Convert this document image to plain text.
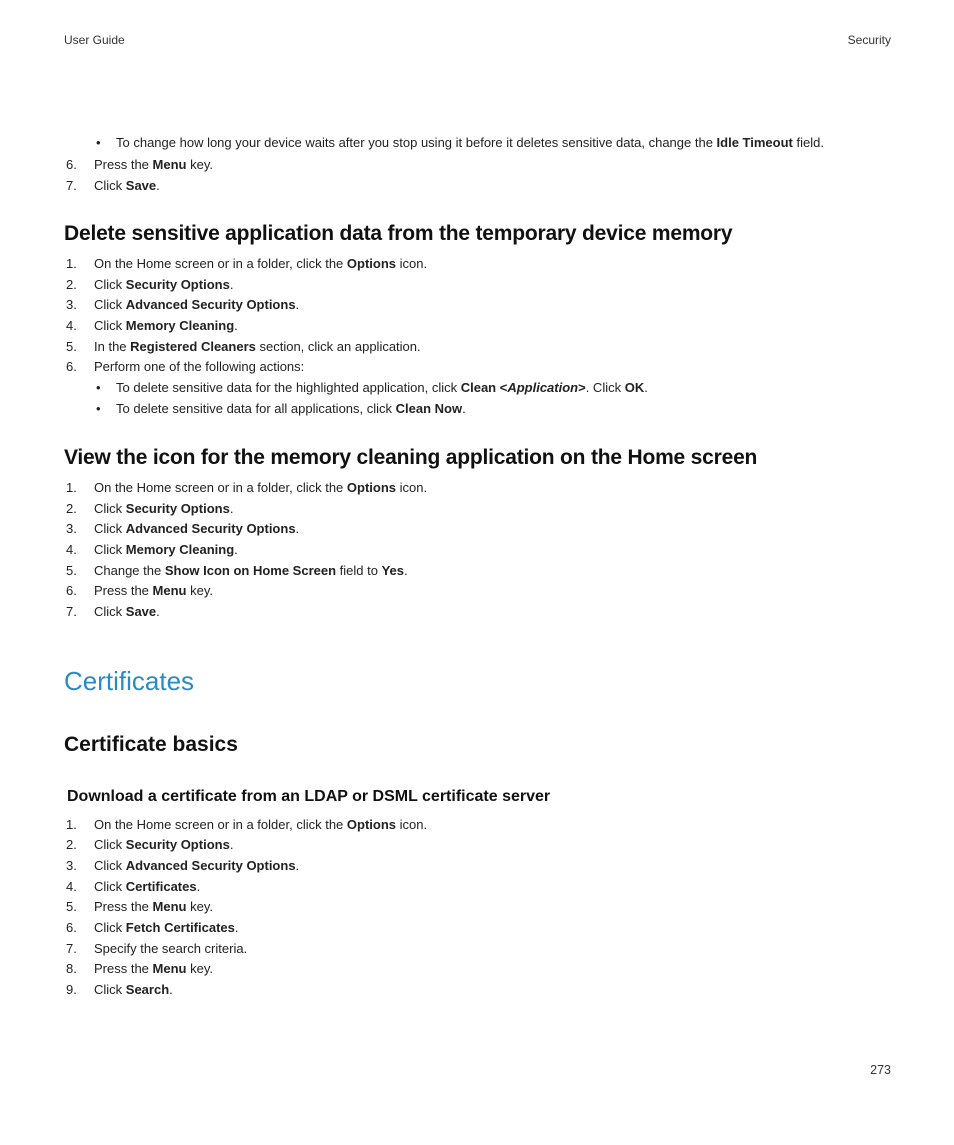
User Guide	Security
• To change how long your device waits after you stop using it before it deletes sensitive data, change the Idle Timeout field.
6.	Press the Menu key.
7.	Click Save.
Delete sensitive application data from the temporary device memory
1.	On the Home screen or in a folder, click the Options icon.
2.	Click Security Options.
3.	Click Advanced Security Options.
4.	Click Memory Cleaning.
5.	In the Registered Cleaners section, click an application.
6.	Perform one of the following actions:
• To delete sensitive data for the highlighted application, click Clean <Application>. Click OK.
• To delete sensitive data for all applications, click Clean Now.
View the icon for the memory cleaning application on the Home screen
1.	On the Home screen or in a folder, click the Options icon.
2.	Click Security Options.
3.	Click Advanced Security Options.
4.	Click Memory Cleaning.
5.	Change the Show Icon on Home Screen field to Yes.
6.	Press the Menu key.
7.	Click Save.
Certificates
Certificate basics
Download a certificate from an LDAP or DSML certificate server
1.	On the Home screen or in a folder, click the Options icon.
2.	Click Security Options.
3.	Click Advanced Security Options.
4.	Click Certificates.
5.	Press the Menu key.
6.	Click Fetch Certificates.
7.	Specify the search criteria.
8.	Press the Menu key.
9.	Click Search.
273
